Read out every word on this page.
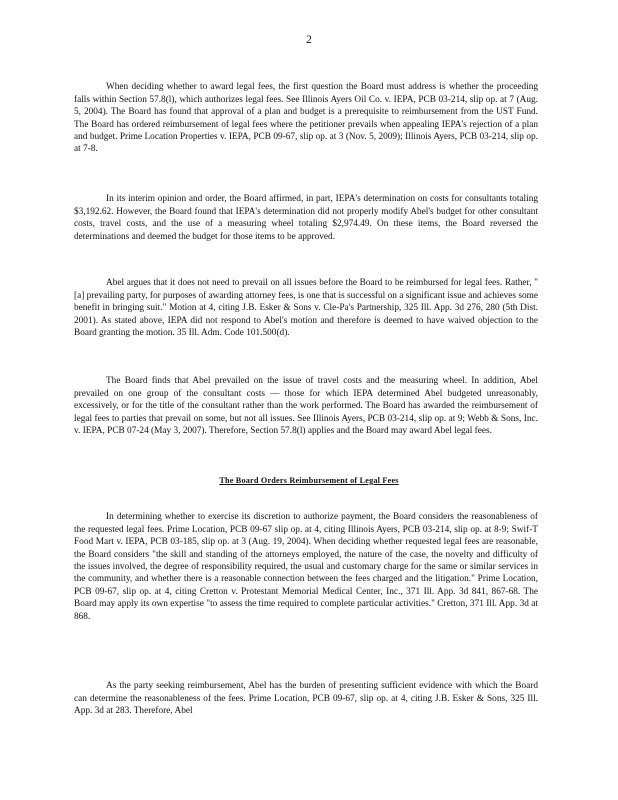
2

When deciding whether to award legal fees, the first question the Board must address is whether the proceeding falls within Section 57.8(l), which authorizes legal fees. See Illinois Ayers Oil Co. v. IEPA, PCB 03-214, slip op. at 7 (Aug. 5, 2004). The Board has found that approval of a plan and budget is a prerequisite to reimbursement from the UST Fund. The Board has ordered reimbursement of legal fees where the petitioner prevails when appealing IEPA's rejection of a plan and budget. Prime Location Properties v. IEPA, PCB 09-67, slip op. at 3 (Nov. 5, 2009); Illinois Ayers, PCB 03-214, slip op. at 7-8.

In its interim opinion and order, the Board affirmed, in part, IEPA's determination on costs for consultants totaling $3,192.62. However, the Board found that IEPA's determination did not properly modify Abel's budget for other consultant costs, travel costs, and the use of a measuring wheel totaling $2,974.49. On these items, the Board reversed the determinations and deemed the budget for those items to be approved.

Abel argues that it does not need to prevail on all issues before the Board to be reimbursed for legal fees. Rather, "[a] prevailing party, for purposes of awarding attorney fees, is one that is successful on a significant issue and achieves some benefit in bringing suit." Motion at 4, citing J.B. Esker & Sons v. Cle-Pa's Partnership, 325 Ill. App. 3d 276, 280 (5th Dist. 2001). As stated above, IEPA did not respond to Abel's motion and therefore is deemed to have waived objection to the Board granting the motion. 35 Ill. Adm. Code 101.500(d).

The Board finds that Abel prevailed on the issue of travel costs and the measuring wheel. In addition, Abel prevailed on one group of the consultant costs — those for which IEPA determined Abel budgeted unreasonably, excessively, or for the title of the consultant rather than the work performed. The Board has awarded the reimbursement of legal fees to parties that prevail on some, but not all issues. See Illinois Ayers, PCB 03-214, slip op. at 9; Webb & Sons, Inc. v. IEPA, PCB 07-24 (May 3, 2007). Therefore, Section 57.8(l) applies and the Board may award Abel legal fees.

The Board Orders Reimbursement of Legal Fees

In determining whether to exercise its discretion to authorize payment, the Board considers the reasonableness of the requested legal fees. Prime Location, PCB 09-67 slip op. at 4, citing Illinois Ayers, PCB 03-214, slip op. at 8-9; Swif-T Food Mart v. IEPA, PCB 03-185, slip op. at 3 (Aug. 19, 2004). When deciding whether requested legal fees are reasonable, the Board considers "the skill and standing of the attorneys employed, the nature of the case, the novelty and difficulty of the issues involved, the degree of responsibility required, the usual and customary charge for the same or similar services in the community, and whether there is a reasonable connection between the fees charged and the litigation." Prime Location, PCB 09-67, slip op. at 4, citing Cretton v. Protestant Memorial Medical Center, Inc., 371 Ill. App. 3d 841, 867-68. The Board may apply its own expertise "to assess the time required to complete particular activities." Cretton, 371 Ill. App. 3d at 868.

As the party seeking reimbursement, Abel has the burden of presenting sufficient evidence with which the Board can determine the reasonableness of the fees. Prime Location, PCB 09-67, slip op. at 4, citing J.B. Esker & Sons, 325 Ill. App. 3d at 283. Therefore, Abel
